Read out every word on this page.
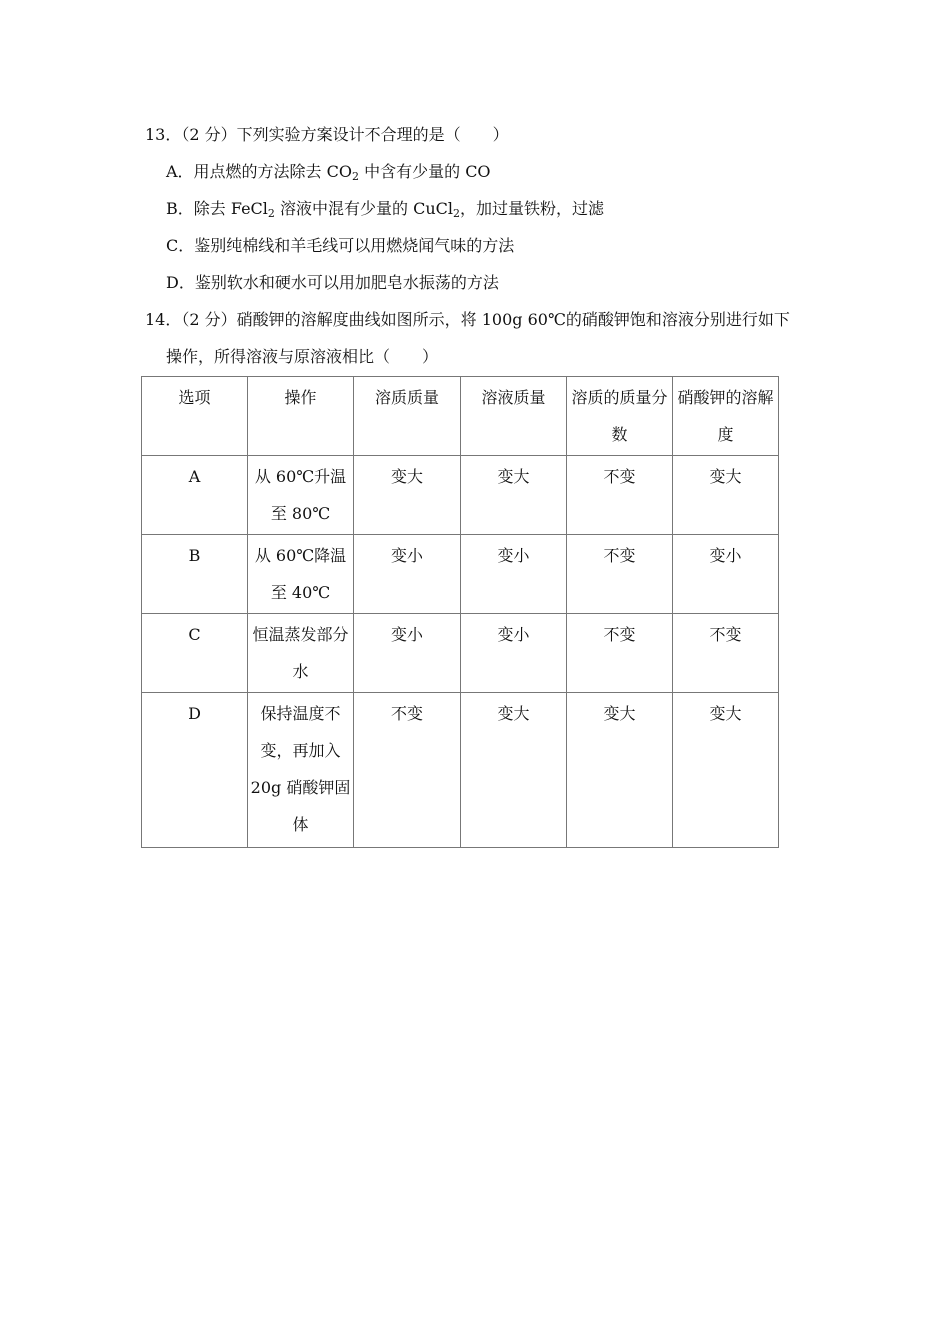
13．（2 分）下列实验方案设计不合理的是（　　）
A．用点燃的方法除去 $CO_2$ 中含有少量的 CO
B．除去 FeCl$_2$ 溶液中混有少量的 CuCl$_2$，加过量铁粉，过滤
C．鉴别纯棉线和羊毛线可以用燃烧闻气味的方法
D．鉴别软水和硬水可以用加肥皂水振荡的方法
14．（2 分）硝酸钾的溶解度曲线如图所示，将 100g 60℃的硝酸钾饱和溶液分别进行如下
操作，所得溶液与原溶液相比（　　）
选项	操作	溶质质量	溶液质量	溶质的质量分数	硝酸钾的溶解度

A	从 60℃升温至 80℃	变大	变大	不变	变大

B	从 60℃降温至 40℃	变小	变小	不变	变小

C	恒温蒸发部分水	变小	变小	不变	不变

D	保持温度不变，再加入 20g 硝酸钾固体	不变	变大	变大	变大
